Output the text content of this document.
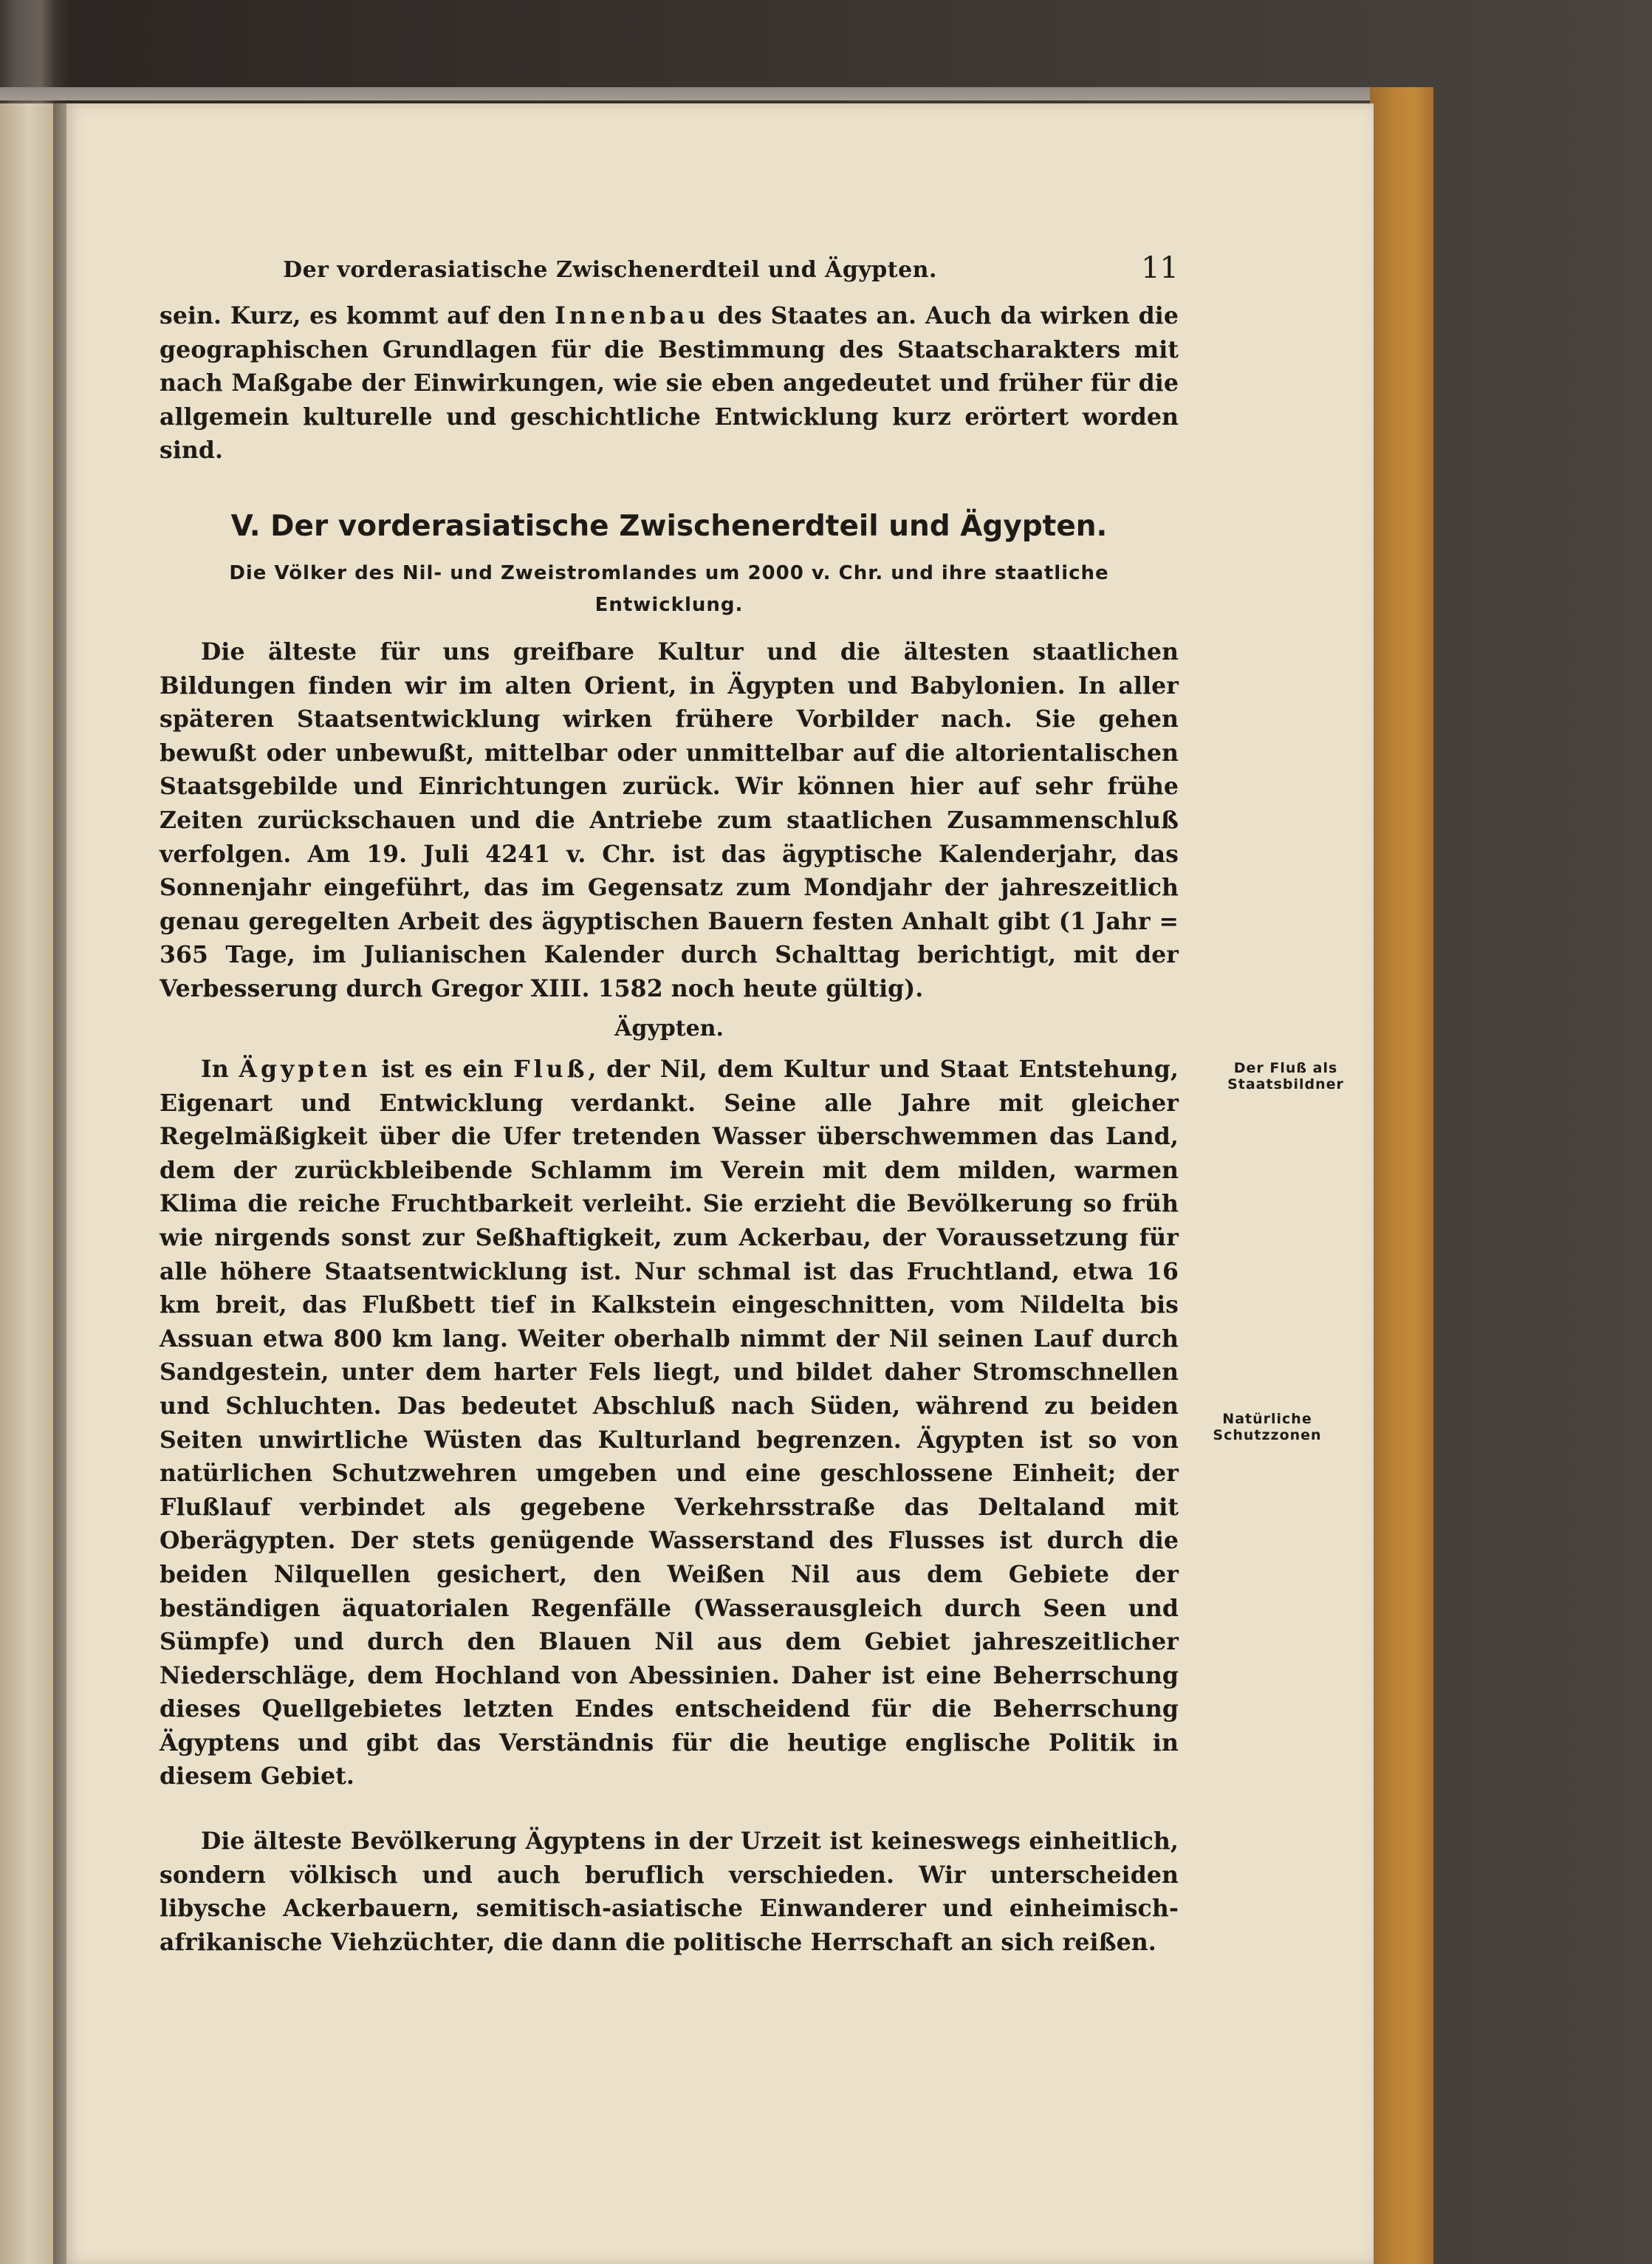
Der vorderasiatische Zwischenerdteil und Ägypten.	11
sein. Kurz, es kommt auf den Innenbau des Staates an. Auch da wirken die geographischen Grundlagen für die Bestimmung des Staatscharakters mit nach Maßgabe der Einwirkungen, wie sie eben angedeutet und früher für die allgemein kulturelle und geschichtliche Entwicklung kurz erörtert worden sind.
V. Der vorderasiatische Zwischenerdteil und Ägypten.
Die Völker des Nil- und Zweistromlandes um 2000 v. Chr. und ihre staatliche Entwicklung.
Die älteste für uns greifbare Kultur und die ältesten staatlichen Bildungen finden wir im alten Orient, in Ägypten und Babylonien. In aller späteren Staatsentwicklung wirken frühere Vorbilder nach. Sie gehen bewußt oder unbewußt, mittelbar oder unmittelbar auf die altorientalischen Staatsgebilde und Einrichtungen zurück. Wir können hier auf sehr frühe Zeiten zurückschauen und die Antriebe zum staatlichen Zusammenschluß verfolgen. Am 19. Juli 4241 v. Chr. ist das ägyptische Kalenderjahr, das Sonnenjahr eingeführt, das im Gegensatz zum Mondjahr der jahreszeitlich genau geregelten Arbeit des ägyptischen Bauern festen Anhalt gibt (1 Jahr = 365 Tage, im Julianischen Kalender durch Schalttag berichtigt, mit der Verbesserung durch Gregor XIII. 1582 noch heute gültig).
Ägypten.
In Ägypten ist es ein Fluß, der Nil, dem Kultur und Staat Entstehung, Eigenart und Entwicklung verdankt. Seine alle Jahre mit gleicher Regelmäßigkeit über die Ufer tretenden Wasser überschwemmen das Land, dem der zurückbleibende Schlamm im Verein mit dem milden, warmen Klima die reiche Fruchtbarkeit verleiht. Sie erzieht die Bevölkerung so früh wie nirgends sonst zur Seßhaftigkeit, zum Ackerbau, der Voraussetzung für alle höhere Staatsentwicklung ist. Nur schmal ist das Fruchtland, etwa 16 km breit, das Flußbett tief in Kalkstein eingeschnitten, vom Nildelta bis Assuan etwa 800 km lang. Weiter oberhalb nimmt der Nil seinen Lauf durch Sandgestein, unter dem harter Fels liegt, und bildet daher Stromschnellen und Schluchten. Das bedeutet Abschluß nach Süden, während zu beiden Seiten unwirtliche Wüsten das Kulturland begrenzen. Ägypten ist so von natürlichen Schutzwehren umgeben und eine geschlossene Einheit; der Flußlauf verbindet als gegebene Verkehrsstraße das Deltaland mit Oberägypten. Der stets genügende Wasserstand des Flusses ist durch die beiden Nilquellen gesichert, den Weißen Nil aus dem Gebiete der beständigen äquatorialen Regenfälle (Wasserausgleich durch Seen und Sümpfe) und durch den Blauen Nil aus dem Gebiet jahreszeitlicher Niederschläge, dem Hochland von Abessinien. Daher ist eine Beherrschung dieses Quellgebietes letzten Endes entscheidend für die Beherrschung Ägyptens und gibt das Verständnis für die heutige englische Politik in diesem Gebiet.
Die älteste Bevölkerung Ägyptens in der Urzeit ist keineswegs einheitlich, sondern völkisch und auch beruflich verschieden. Wir unterscheiden libysche Ackerbauern, semitisch-asiatische Einwanderer und einheimisch-afrikanische Viehzüchter, die dann die politische Herrschaft an sich reißen.
Der Fluß als Staatsbildner
Natürliche Schutzzonen
